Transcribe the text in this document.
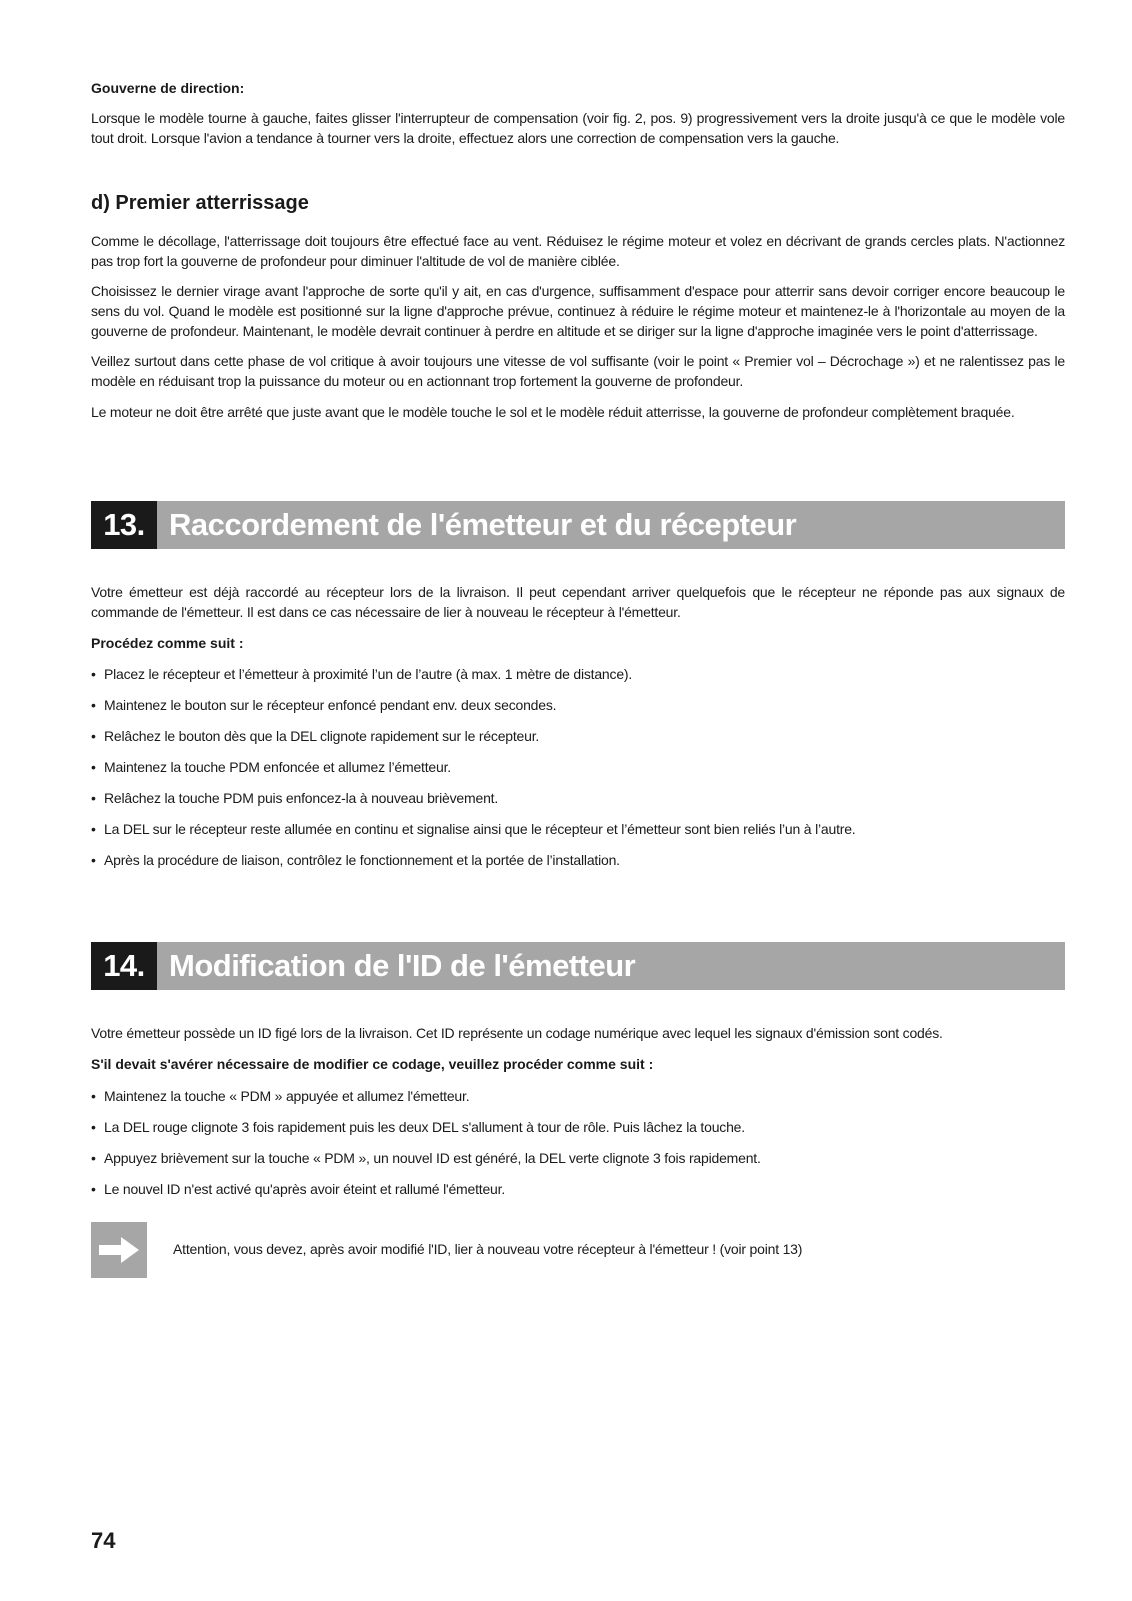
Gouverne de direction:

Lorsque le modèle tourne à gauche, faites glisser l'interrupteur de compensation (voir fig. 2, pos. 9) progressivement vers la droite jusqu'à ce que le modèle vole tout droit. Lorsque l'avion a tendance à tourner vers la droite, effectuez alors une correction de compensation vers la gauche.

d) Premier atterrissage

Comme le décollage, l'atterrissage doit toujours être effectué face au vent. Réduisez le régime moteur et volez en décrivant de grands cercles plats. N'actionnez pas trop fort la gouverne de profondeur pour diminuer l'altitude de vol de manière ciblée.

Choisissez le dernier virage avant l'approche de sorte qu'il y ait, en cas d'urgence, suffisamment d'espace pour atterrir sans devoir corriger encore beaucoup le sens du vol. Quand le modèle est positionné sur la ligne d'approche prévue, continuez à réduire le régime moteur et maintenez-le à l'horizontale au moyen de la gouverne de profondeur. Maintenant, le modèle devrait continuer à perdre en altitude et se diriger sur la ligne d'approche imaginée vers le point d'atterrissage.

Veillez surtout dans cette phase de vol critique à avoir toujours une vitesse de vol suffisante (voir le point « Premier vol – Décrochage ») et ne ralentissez pas le modèle en réduisant trop la puissance du moteur ou en actionnant trop fortement la gouverne de profondeur.

Le moteur ne doit être arrêté que juste avant que le modèle touche le sol et le modèle réduit atterrisse, la gouverne de profondeur complètement braquée.

13. Raccordement de l'émetteur et du récepteur

Votre émetteur est déjà raccordé au récepteur lors de la livraison. Il peut cependant arriver quelquefois que le récepteur ne réponde pas aux signaux de commande de l'émetteur. Il est dans ce cas nécessaire de lier à nouveau le récepteur à l'émetteur.

Procédez comme suit :

• Placez le récepteur et l’émetteur à proximité l’un de l’autre (à max. 1 mètre de distance).
• Maintenez le bouton sur le récepteur enfoncé pendant env. deux secondes.
• Relâchez le bouton dès que la DEL clignote rapidement sur le récepteur.
• Maintenez la touche PDM enfoncée et allumez l’émetteur.
• Relâchez la touche PDM puis enfoncez-la à nouveau brièvement.
• La DEL sur le récepteur reste allumée en continu et signalise ainsi que le récepteur et l’émetteur sont bien reliés l’un à l’autre.
• Après la procédure de liaison, contrôlez le fonctionnement et la portée de l’installation.
14. Modification de l'ID de l'émetteur

Votre émetteur possède un ID figé lors de la livraison. Cet ID représente un codage numérique avec lequel les signaux d'émission sont codés.

S'il devait s'avérer nécessaire de modifier ce codage, veuillez procéder comme suit :

• Maintenez la touche « PDM » appuyée et allumez l'émetteur.
• La DEL rouge clignote 3 fois rapidement puis les deux DEL s'allument à tour de rôle. Puis lâchez la touche.
• Appuyez brièvement sur la touche « PDM », un nouvel ID est généré, la DEL verte clignote 3 fois rapidement.
• Le nouvel ID n'est activé qu'après avoir éteint et rallumé l'émetteur.

Attention, vous devez, après avoir modifié l'ID, lier à nouveau votre récepteur à l'émetteur ! (voir point 13)

74
